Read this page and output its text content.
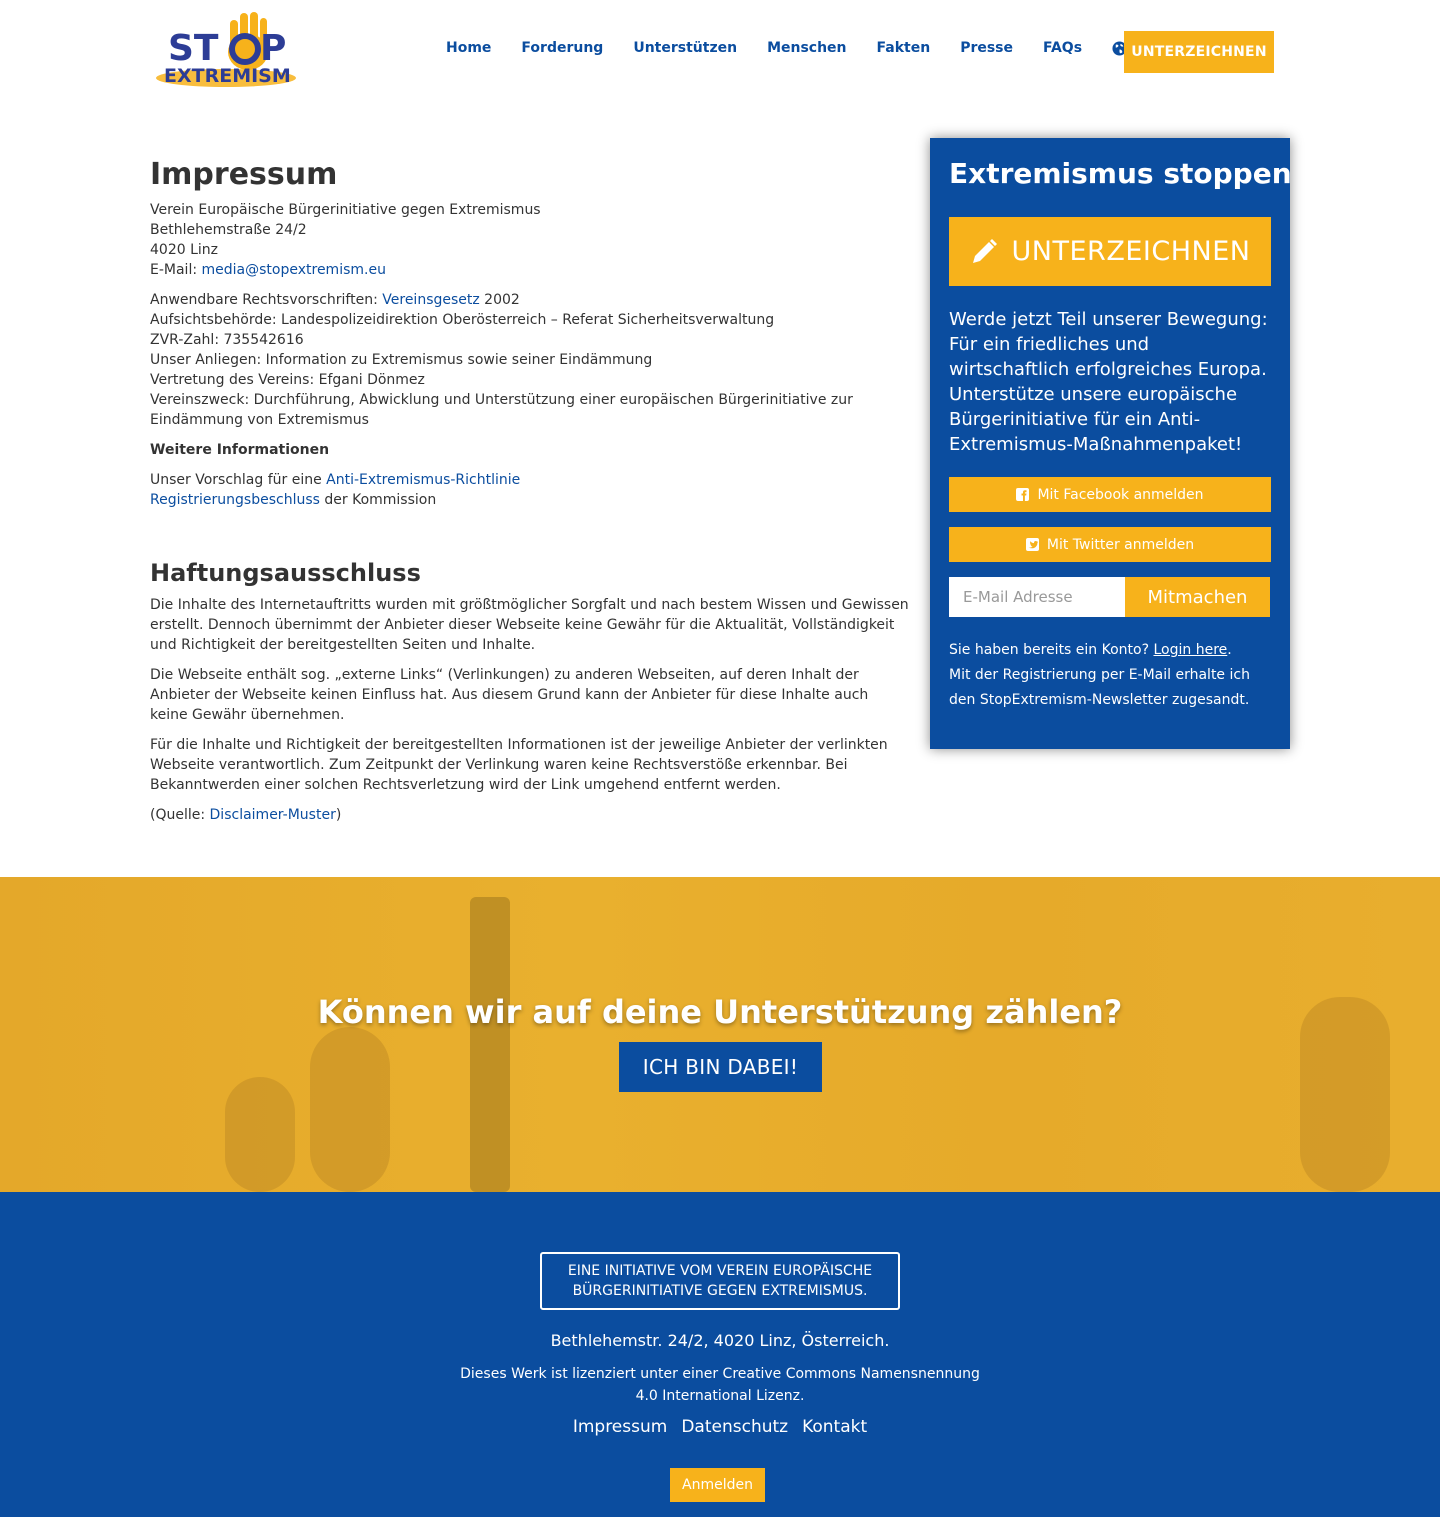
ST P
EXTREMISM
Home Forderung Unterstützen Menschen Fakten Presse FAQs	UNTERZEICHNEN
Impressum

Verein Europäische Bürgerinitiative gegen Extremismus
Bethlehemstraße 24/2
4020 Linz
E-Mail: media@stopextremism.eu

Anwendbare Rechtsvorschriften: Vereinsgesetz 2002
Aufsichtsbehörde: Landespolizeidirektion Oberösterreich – Referat Sicherheitsverwaltung
ZVR-Zahl: 735542616
Unser Anliegen: Information zu Extremismus sowie seiner Eindämmung
Vertretung des Vereins: Efgani Dönmez
Vereinszweck: Durchführung, Abwicklung und Unterstützung einer europäischen Bürgerinitiative zur Eindämmung von Extremismus

Weitere Informationen

Unser Vorschlag für eine Anti-Extremismus-Richtlinie
Registrierungsbeschluss der Kommission

Haftungsausschluss

Die Inhalte des Internetauftritts wurden mit größtmöglicher Sorgfalt und nach bestem Wissen und Gewissen erstellt. Dennoch übernimmt der Anbieter dieser Webseite keine Gewähr für die Aktualität, Vollständigkeit und Richtigkeit der bereitgestellten Seiten und Inhalte.

Die Webseite enthält sog. „externe Links“ (Verlinkungen) zu anderen Webseiten, auf deren Inhalt der Anbieter der Webseite keinen Einfluss hat. Aus diesem Grund kann der Anbieter für diese Inhalte auch keine Gewähr übernehmen.

Für die Inhalte und Richtigkeit der bereitgestellten Informationen ist der jeweilige Anbieter der verlinkten Webseite verantwortlich. Zum Zeitpunkt der Verlinkung waren keine Rechtsverstöße erkennbar. Bei Bekanntwerden einer solchen Rechtsverletzung wird der Link umgehend entfernt werden.

(Quelle: Disclaimer-Muster)

Extremismus stoppen
UNTERZEICHNEN

Werde jetzt Teil unserer Bewegung: Für ein friedliches und wirtschaftlich erfolgreiches Europa. Unterstütze unsere europäische Bürgerinitiative für ein Anti-Extremismus-Maßnahmenpaket!

Mit Facebook anmelden
Mit Twitter anmelden
E-Mail Adresse
Mitmachen

Sie haben bereits ein Konto? Login here.
Mit der Registrierung per E-Mail erhalte ich den StopExtremism-Newsletter zugesandt.

Können wir auf deine Unterstützung zählen?
ICH BIN DABEI!
EINE INITIATIVE VOM VEREIN EUROPÄISCHE BÜRGERINITIATIVE GEGEN EXTREMISMUS.
Bethlehemstr. 24/2, 4020 Linz, Österreich.
Dieses Werk ist lizenziert unter einer Creative Commons Namensnennung 4.0 International Lizenz.
Impressum Datenschutz Kontakt
Anmelden
